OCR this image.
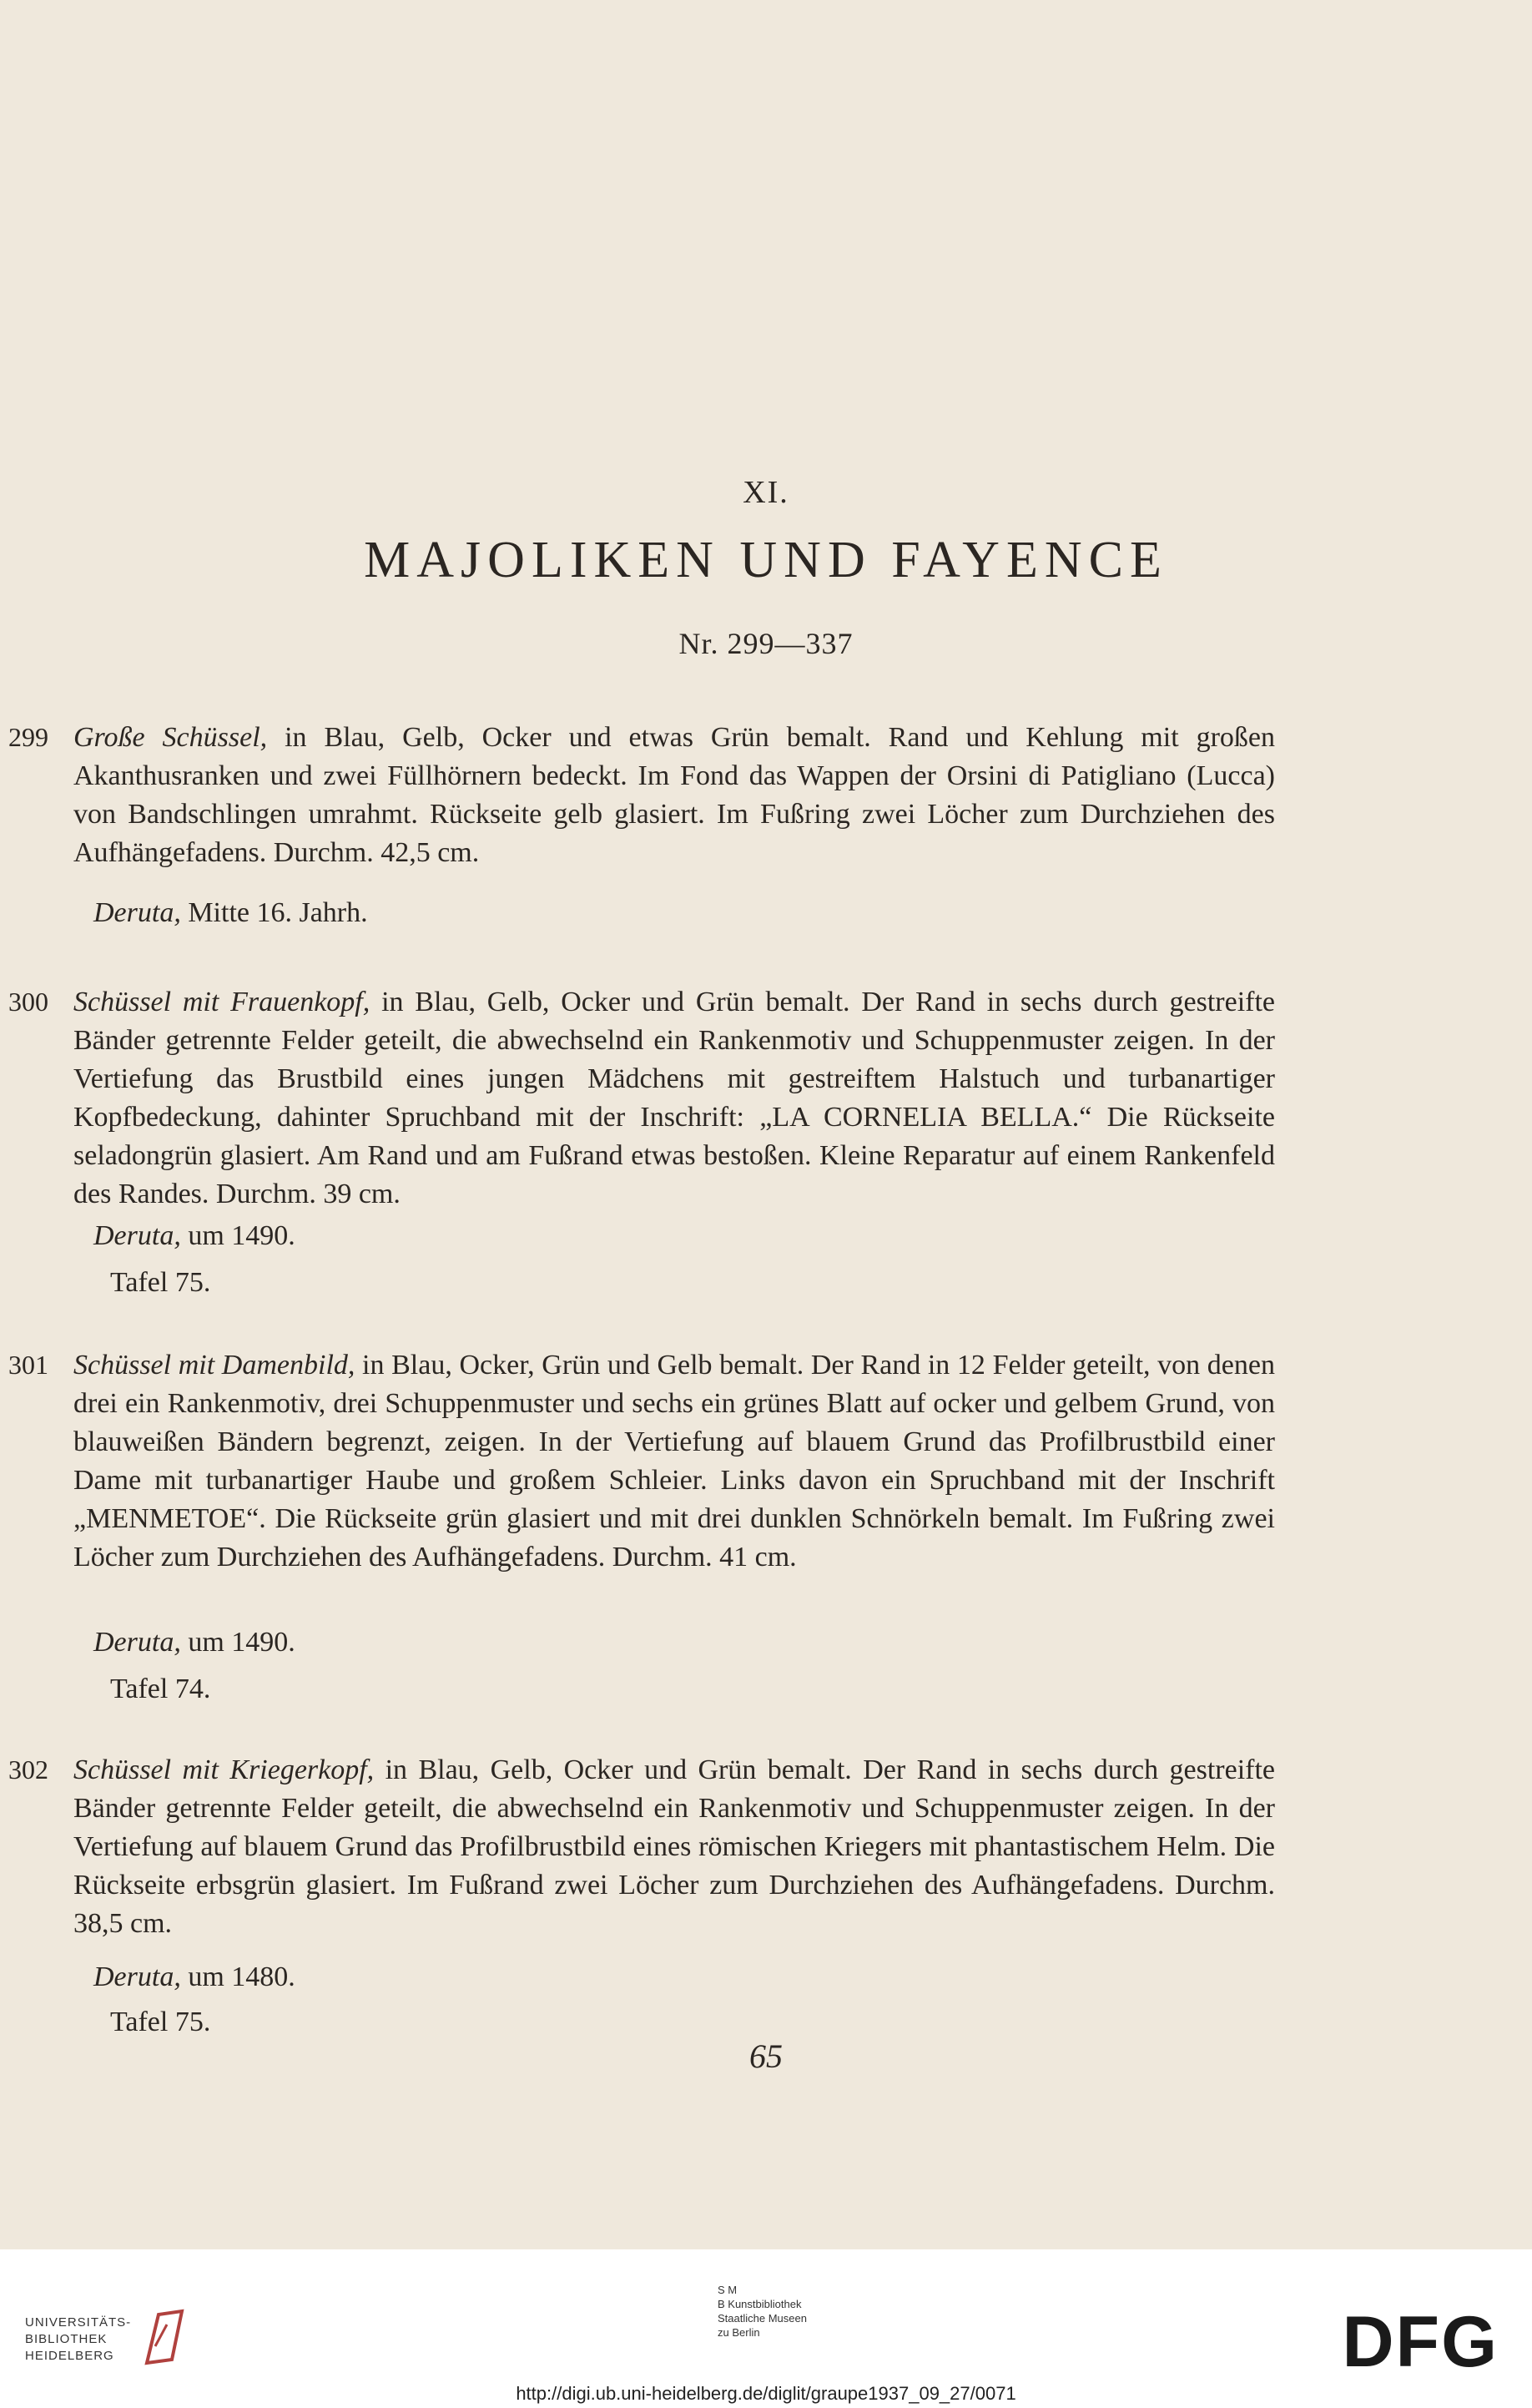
XI.
MAJOLIKEN UND FAYENCE
Nr. 299—337
299 Große Schüssel, in Blau, Gelb, Ocker und etwas Grün bemalt. Rand und Kehlung mit großen Akanthusranken und zwei Füllhörnern bedeckt. Im Fond das Wappen der Orsini di Patigliano (Lucca) von Bandschlingen umrahmt. Rückseite gelb glasiert. Im Fußring zwei Löcher zum Durchziehen des Aufhängefadens. Durchm. 42,5 cm.
Deruta, Mitte 16. Jahrh.
300 Schüssel mit Frauenkopf, in Blau, Gelb, Ocker und Grün bemalt. Der Rand in sechs durch gestreifte Bänder getrennte Felder geteilt, die abwechselnd ein Rankenmotiv und Schuppenmuster zeigen. In der Vertiefung das Brustbild eines jungen Mädchens mit gestreiftem Halstuch und turbanartiger Kopfbedeckung, dahinter Spruchband mit der Inschrift: „LA CORNELIA BELLA.“ Die Rückseite seladongrün glasiert. Am Rand und am Fußrand etwas bestoßen. Kleine Reparatur auf einem Rankenfeld des Randes. Durchm. 39 cm.
Deruta, um 1490.
Tafel 75.
301 Schüssel mit Damenbild, in Blau, Ocker, Grün und Gelb bemalt. Der Rand in 12 Felder geteilt, von denen drei ein Rankenmotiv, drei Schuppenmuster und sechs ein grünes Blatt auf ocker und gelbem Grund, von blauweißen Bändern begrenzt, zeigen. In der Vertiefung auf blauem Grund das Profilbrustbild einer Dame mit turbanartiger Haube und großem Schleier. Links davon ein Spruchband mit der Inschrift „MENMETOE“. Die Rückseite grün glasiert und mit drei dunklen Schnörkeln bemalt. Im Fußring zwei Löcher zum Durchziehen des Aufhängefadens. Durchm. 41 cm.
Deruta, um 1490.
Tafel 74.
302 Schüssel mit Kriegerkopf, in Blau, Gelb, Ocker und Grün bemalt. Der Rand in sechs durch gestreifte Bänder getrennte Felder geteilt, die abwechselnd ein Rankenmotiv und Schuppenmuster zeigen. In der Vertiefung auf blauem Grund das Profilbrustbild eines römischen Kriegers mit phantastischem Helm. Die Rückseite erbsgrün glasiert. Im Fußrand zwei Löcher zum Durchziehen des Aufhängefadens. Durchm. 38,5 cm.
Deruta, um 1480.
Tafel 75.
65
UNIVERSITÄTS-
BIBLIOTHEK
HEIDELBERG
S M
B Kunstbibliothek
Staatliche Museen
zu Berlin	DFG
http://digi.ub.uni-heidelberg.de/diglit/graupe1937_09_27/0071
